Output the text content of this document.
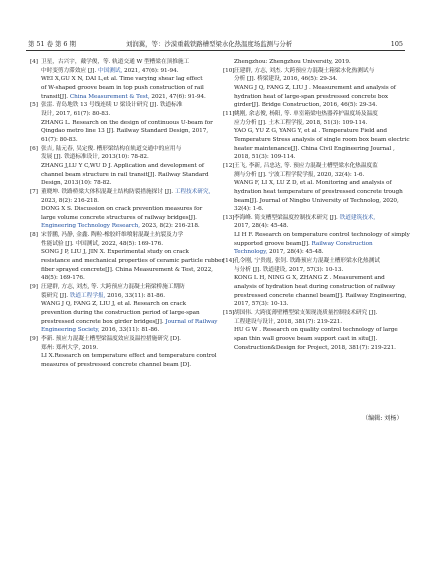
第 51 卷 第 6 期	刘润翼，等：沙漠重载铁路槽型梁水化热温度场监测与分析	105
[4] 卫星，古兴宇，戴学俊，等. 轨道交通 W 型槽梁在顶推施工
中时变剪力滞效应 [J]. 中国测试, 2021, 47(6): 91-94.
WEI X,GU X N, DAI L,et al. Time varying shear lag effect
of W-shaped groove beam in top push construction of rail
transit[J]. China Measurement & Test, 2021, 47(6): 91-94.
[5] 张雷. 青岛地铁 13 号线连续 U 梁设计研究 [J]. 铁道标准
设计, 2017, 61(7): 80-83.
ZHANG L. Research on the design of continuous U-beam for
Qingdao metro line 13 [J]. Railway Standard Design, 2017,
61(7): 80-83.
[6] 张吉, 陆元春, 吴定俊. 槽形梁结构在轨道交通中的应用与
发展 [J]. 铁道标准设计, 2013(10): 78-82.
ZHANG J,LU Y C,WU D J. Application and development of
channel beam structure in rail transit[J]. Railway Standard
Design, 2013(10): 78-82.
[7] 董晓坤. 铁路桥梁大体积混凝土结构防裂措施探讨 [J]. 工程技术研究,
2023, 8(2): 216-218.
DONG X S. Discussion on crack prevention measures for
large volume concrete structures of railway bridges[J].
Engineering Technology Research, 2023, 8(2): 216-218.
[8] 宋普鹏, 冯静, 金鑫. 陶粒-橡胶纤维喷射混凝土抗裂及力学
性能试验 [J]. 中国测试, 2022, 48(5): 169-176.
SONG J P, LIU J, JIN X. Experimental study on crack
resistance and mechanical properties of ceramic particle rubber
fiber sprayed concrete[J]. China Measurement & Test, 2022,
48(5): 169-176.
[9] 汪建群, 方志, 刘杰, 等. 大跨预应力混凝土箱梁桥施工期防
裂研究 [J]. 铁道工程学报, 2016, 33(11): 81-86.
WANG J Q, FANG Z, LIU J, et al. Research on crack
prevention during the construction period of large-span
prestressed concrete box girder bridges[J]. Journal of Railway
Engineering Society, 2016, 33(11): 81-86.
[9] 李新. 预应力混凝土槽型梁温度效应及温控措施研究 [D].
郑州: 郑州大学, 2019.
LI X.Research on temperature effect and temperature control
measures of prestressed concrete channel beam [D].
Zhengzhou: Zhengzhou University, 2019.
[10] 汪建群, 方志, 刘杰. 大跨预应力混凝土箱梁水化热测试与
分析 [J]. 桥梁建设, 2016, 46(5): 29-34.
WANG J Q, FANG Z, LIU J . Measurement and analysis of
hydration heat of large-span prestressed concrete box
girder[J]. Bridge Construction, 2016, 46(5): 29-34.
[11] 姚刚, 余志俊, 杨阳, 等. 单室箱梁电热器养护温度场及温度
应力分析 [J]. 土木工程学报, 2018, 51(3): 109-114.
YAO G, YU Z G, YANG Y, et al . Temperature Field and
Temperature Stress analysis of single room box beam electric
heater maintenance[J]. China Civil Engineering Journal ,
2018, 51(3): 109-114.
[12] 王飞, 李新, 吕忠达, 等. 预应力混凝土槽型梁水化热温度监
测与分析 [J]. 宁波工程学院学报, 2020, 32(4): 1-6.
WANG F, LI X, LU Z D, et al. Monitoring and analysis of
hydration heat temperature of prestressed concrete trough
beam[J]. Journal of Ningbo University of Technolog, 2020,
32(4): 1-6.
[13] 李海峰. 简支槽型梁温度控制技术研究 [J]. 铁道建筑技术,
2017, 28(4): 45-48.
LI H F. Research on temperature control technology of simply
supported groove beam[J]. Railway Construction
Technology, 2017, 28(4): 45-48.
[14] 孔令刚, 宁贵霞, 张钊. 铁路预应力混凝土槽形梁水化热测试
与分析 [J]. 铁道建设, 2017, 57(3): 10-13.
KONG L H, NING G X, ZHANG Z . Measurement and
analysis of hydration heat during construction of railway
prestressed concrete channel beam[J]. Railway Engineering,
2017, 57(3): 10-13.
[15] 胡国伟. 大跨度薄壁槽型梁支架现浇质量控制技术研究 [J].
工程建设与设计, 2018, 381(7): 219-221.
HU G W . Research on quality control technology of large
span thin wall groove beam support cast in situ[J].
Construction&Design for Project, 2018, 381(7): 219-221.
（编辑: 刘杨）
